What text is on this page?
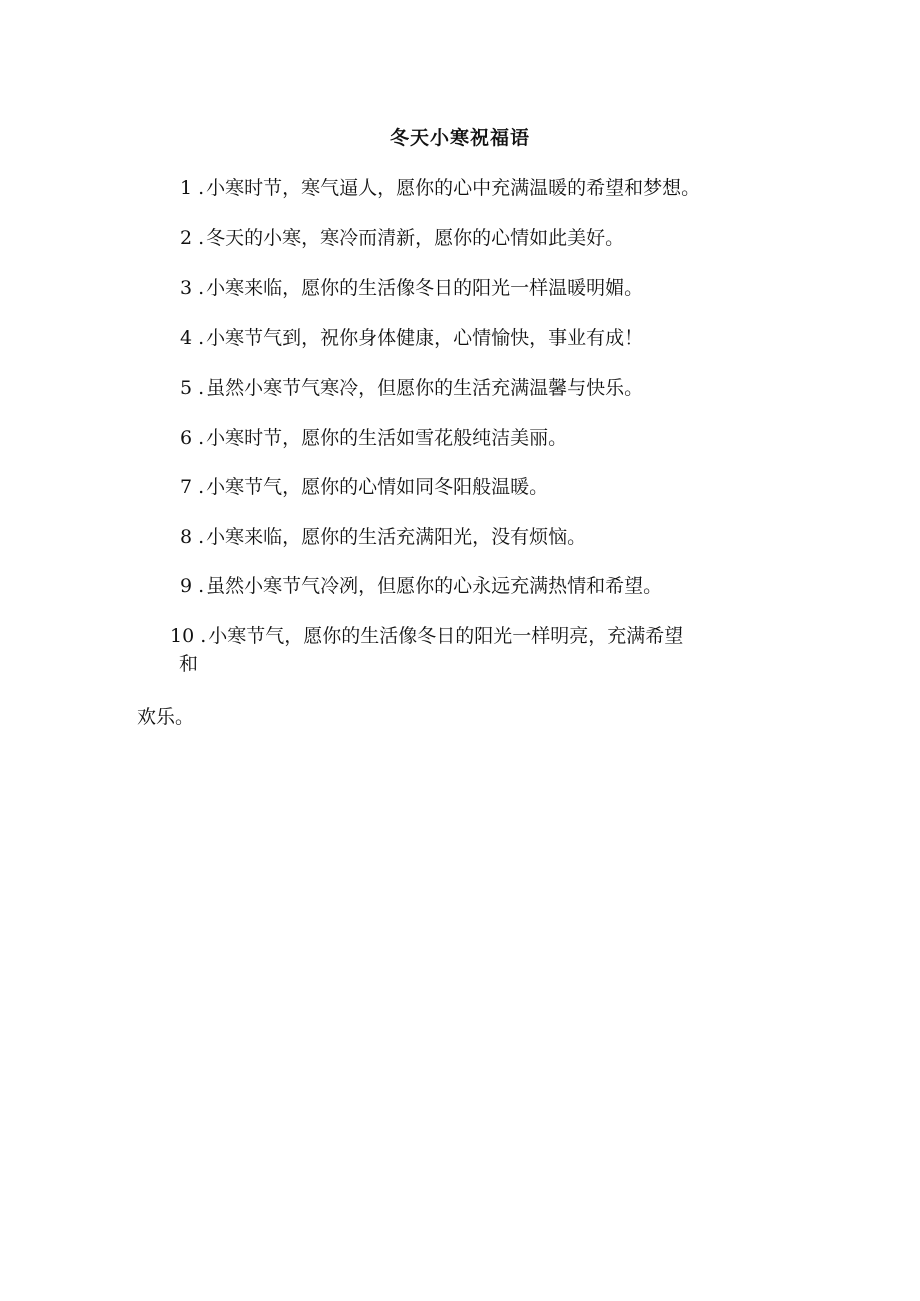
冬天小寒祝福语
1 . 小寒时节，寒气逼人，愿你的心中充满温暖的希望和梦想。
2 . 冬天的小寒，寒冷而清新，愿你的心情如此美好。
3 . 小寒来临，愿你的生活像冬日的阳光一样温暖明媚。
4 . 小寒节气到，祝你身体健康，心情愉快，事业有成！
5 . 虽然小寒节气寒冷，但愿你的生活充满温馨与快乐。
6 . 小寒时节，愿你的生活如雪花般纯洁美丽。
7 . 小寒节气，愿你的心情如同冬阳般温暖。
8 . 小寒来临，愿你的生活充满阳光，没有烦恼。
9 . 虽然小寒节气冷冽，但愿你的心永远充满热情和希望。
10 . 小寒节气，愿你的生活像冬日的阳光一样明亮，充满希望
和
欢乐。
